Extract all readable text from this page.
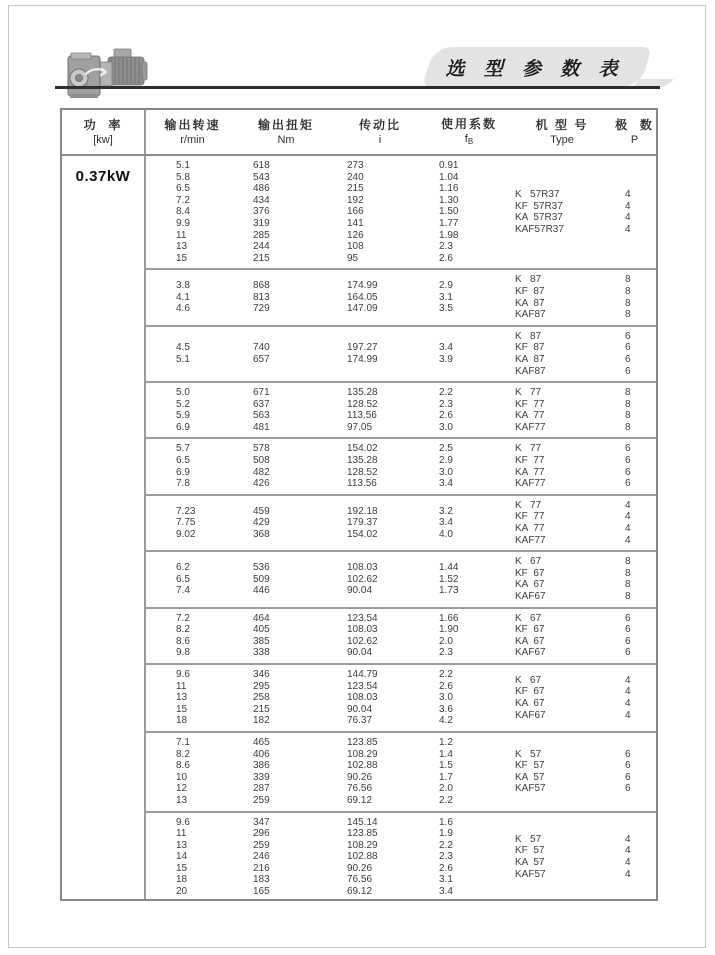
选 型 参 数 表
功  率
[kw]
输出转速
r/min
输出扭矩
Nm
传动比
i
使用系数
$f_B$
机 型 号
Type
极  数
P
0.37kW
5.1
5.8
6.5
7.2
8.4
9.9
11
13
15
618
543
486
434
376
319
285
244
215
273
240
215
192
166
141
126
108
95
0.91
1.04
1.16
1.30
1.50
1.77
1.98
2.3
2.6
K   57R37
KF  57R37
KA  57R37
KAF57R37
4
4
4
4
3.8
4.1
4.6
868
813
729
174.99
164.05
147.09
2.9
3.1
3.5
K   87
KF  87
KA  87
KAF87
8
8
8
8
4.5
5.1
740
657
197.27
174.99
3.4
3.9
K   87
KF  87
KA  87
KAF87
6
6
6
6
5.0
5.2
5.9
6.9
671
637
563
481
135.28
128.52
113.56
97.05
2.2
2.3
2.6
3.0
K   77
KF  77
KA  77
KAF77
8
8
8
8
5.7
6.5
6.9
7.8
578
508
482
426
154.02
135.28
128.52
113.56
2.5
2.9
3.0
3.4
K   77
KF  77
KA  77
KAF77
6
6
6
6
7.23
7.75
9.02
459
429
368
192.18
179.37
154.02
3.2
3.4
4.0
K   77
KF  77
KA  77
KAF77
4
4
4
4
6.2
6.5
7.4
536
509
446
108.03
102.62
90.04
1.44
1.52
1.73
K   67
KF  67
KA  67
KAF67
8
8
8
8
7.2
8.2
8.6
9.8
464
405
385
338
123.54
108.03
102.62
90.04
1.66
1.90
2.0
2.3
K   67
KF  67
KA  67
KAF67
6
6
6
6
9.6
11
13
15
18
346
295
258
215
182
144.79
123.54
108.03
90.04
76.37
2.2
2.6
3.0
3.6
4.2
K   67
KF  67
KA  67
KAF67
4
4
4
4
7.1
8.2
8.6
10
12
13
465
406
386
339
287
259
123.85
108.29
102.88
90.26
76.56
69.12
1.2
1.4
1.5
1.7
2.0
2.2
K   57
KF  57
KA  57
KAF57
6
6
6
6
9.6
11
13
14
15
18
20
347
296
259
246
216
183
165
145.14
123.85
108.29
102.88
90.26
76.56
69.12
1.6
1.9
2.2
2.3
2.6
3.1
3.4
K   57
KF  57
KA  57
KAF57
4
4
4
4
